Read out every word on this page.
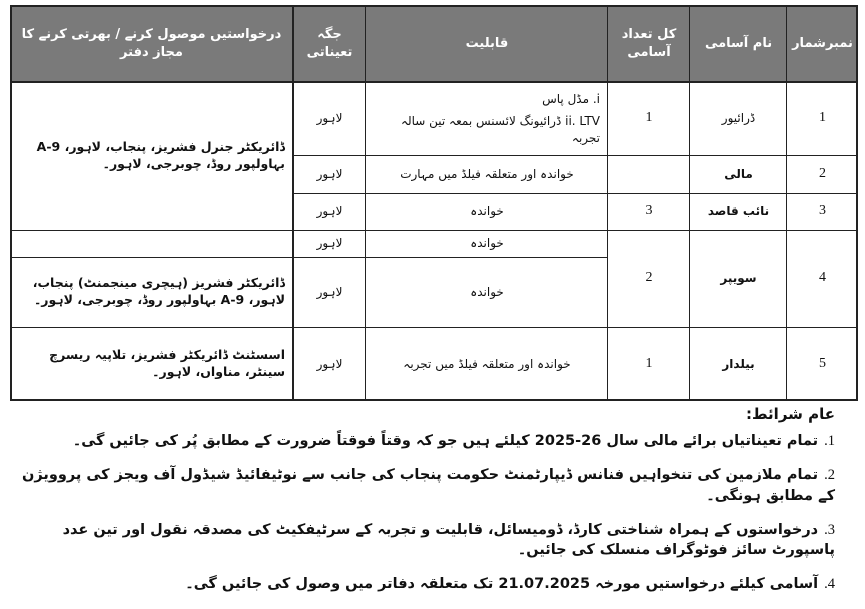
نمبرشمار
نام آسامی
کل تعداد آسامی
قابلیت
جگہ تعیناتی
درخواستیں موصول کرنے / بھرتی کرنے کا مجاز دفتر
1
ڈرائیور
1
i. مڈل پاس
ii. LTV ڈرائیونگ لائسنس بمعہ تین سالہ تجربہ
لاہور
2
مالی
خواندہ اور متعلقہ فیلڈ میں مہارت
لاہور
ڈائریکٹر جنرل فشریز، پنجاب، لاہور، A-9 بہاولپور روڈ، چوبرجی، لاہور۔
3
نائب قاصد
3
خواندہ
لاہور
4
سویپر
2
خواندہ
لاہور
خواندہ
لاہور
ڈائریکٹر فشریز (ہیچری مینجمنٹ) پنجاب، لاہور، A-9 بہاولپور روڈ، چوبرجی، لاہور۔
5
بیلدار
1
خواندہ اور متعلقہ فیلڈ میں تجربہ
لاہور
اسسٹنٹ ڈائریکٹر فشریز، تلاپیہ ریسرچ سینٹر، مناواں، لاہور۔
عام شرائط:
1.تمام تعیناتیاں برائے مالی سال 26-2025 کیلئے ہیں جو کہ وقتاً فوقتاً ضرورت کے مطابق پُر کی جائیں گی۔
2.تمام ملازمین کی تنخواہیں فنانس ڈیپارٹمنٹ حکومت پنجاب کی جانب سے نوٹیفائیڈ شیڈول آف ویجز کی پروویژن کے مطابق ہونگی۔
3.درخواستوں کے ہمراہ شناختی کارڈ، ڈومیسائل، قابلیت و تجربہ کے سرٹیفکیٹ کی مصدقہ نقول اور تین عدد پاسپورٹ سائز فوٹوگراف منسلک کی جائیں۔
4.آسامی کیلئے درخواستیں مورخہ 21.07.2025 تک متعلقہ دفاتر میں وصول کی جائیں گی۔
